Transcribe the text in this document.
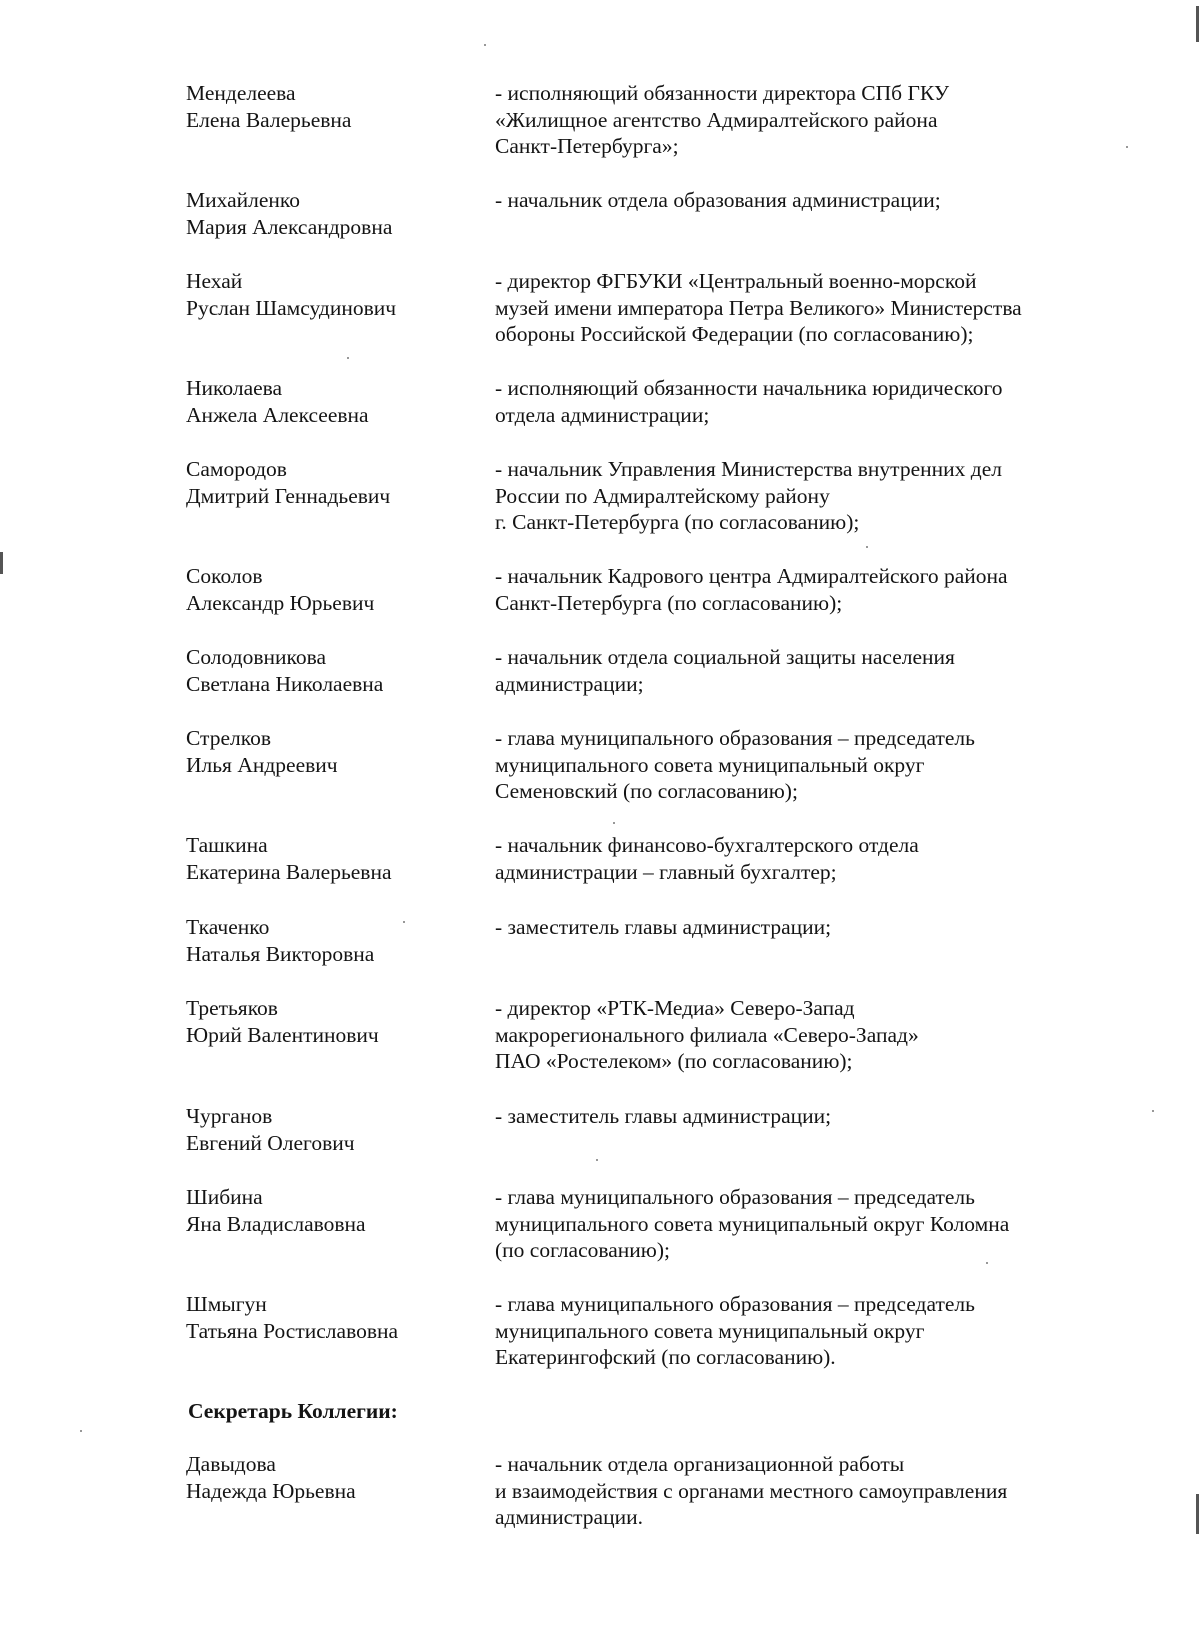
Менделеева
Елена Валерьевна
- исполняющий обязанности директора СПб ГКУ
«Жилищное агентство Адмиралтейского района
Санкт-Петербурга»;
Михайленко
Мария Александровна
- начальник отдела образования администрации;
Нехай
Руслан Шамсудинович
- директор ФГБУКИ «Центральный военно-морской
музей имени императора Петра Великого» Министерства
обороны Российской Федерации (по согласованию);
Николаева
Анжела Алексеевна
- исполняющий обязанности начальника юридического
отдела администрации;
Самородов
Дмитрий Геннадьевич
- начальник Управления Министерства внутренних дел
России по Адмиралтейскому району
г. Санкт-Петербурга (по согласованию);
Соколов
Александр Юрьевич
- начальник Кадрового центра Адмиралтейского района
Санкт-Петербурга (по согласованию);
Солодовникова
Светлана Николаевна
- начальник отдела социальной защиты населения
администрации;
Стрелков
Илья Андреевич
- глава муниципального образования – председатель
муниципального совета муниципальный округ
Семеновский (по согласованию);
Ташкина
Екатерина Валерьевна
- начальник финансово-бухгалтерского отдела
администрации – главный бухгалтер;
Ткаченко
Наталья Викторовна
- заместитель главы администрации;
Третьяков
Юрий Валентинович
- директор «РТК-Медиа» Северо-Запад
макрорегионального филиала «Северо-Запад»
ПАО «Ростелеком» (по согласованию);
Чурганов
Евгений Олегович
- заместитель главы администрации;
Шибина
Яна Владиславовна
- глава муниципального образования – председатель
муниципального совета муниципальный округ Коломна
(по согласованию);
Шмыгун
Татьяна Ростиславовна
- глава муниципального образования – председатель
муниципального совета муниципальный округ
Екатерингофский (по согласованию).
Секретарь Коллегии:
Давыдова
Надежда Юрьевна
- начальник отдела организационной работы
и взаимодействия с органами местного самоуправления
администрации.
